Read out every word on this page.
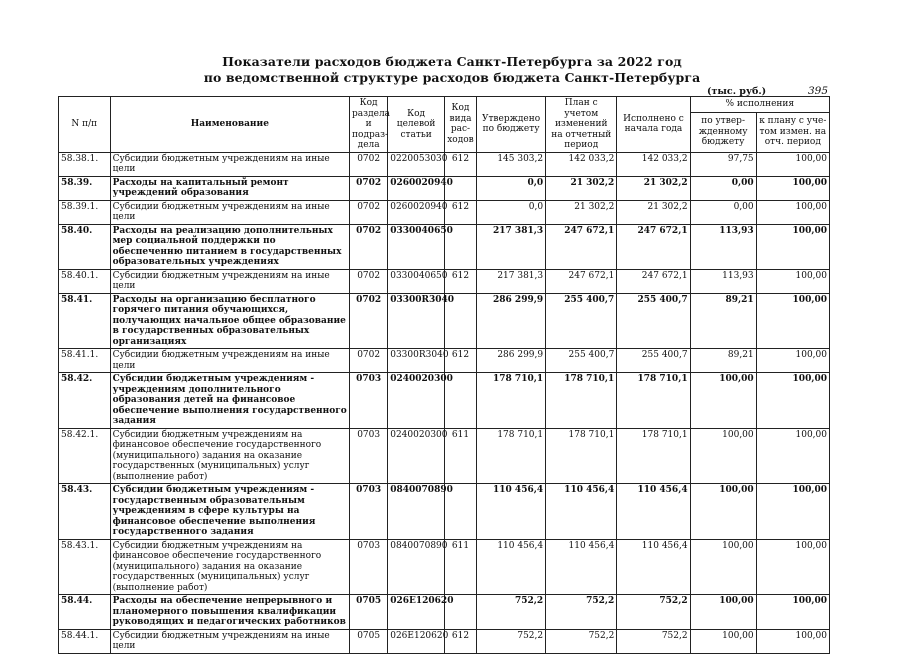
Показатели расходов бюджета Санкт-Петербурга за 2022 год
по ведомственной структуре расходов бюджета Санкт-Петербурга
(тыс. руб.)	395
N п/п	Наименование	Код раздела и подраз-дела	Код целевой статьи	Код вида рас-ходов	Утверждено по бюджету	План с учетом изменений на отчетный период	Исполнено с начала года	% исполнения	
								по утвер-жденному бюджету	к плану с уче-том измен. на отч. период
58.38.1.	Субсидии бюджетным учреждениям на иные цели	0702	0220053030	612	145 303,2	142 033,2	142 033,2	97,75	100,00
58.39.	Расходы на капитальный ремонт учреждений образования	0702	0260020940		0,0	21 302,2	21 302,2	0,00	100,00
58.39.1.	Субсидии бюджетным учреждениям на иные цели	0702	0260020940	612	0,0	21 302,2	21 302,2	0,00	100,00
58.40.	Расходы на реализацию дополнительных мер социальной поддержки по обеспеченню питанием в государственных образовательных учреждениях	0702	0330040650		217 381,3	247 672,1	247 672,1	113,93	100,00
58.40.1.	Субсидии бюджетным учреждениям на иные цели	0702	0330040650	612	217 381,3	247 672,1	247 672,1	113,93	100,00
58.41.	Расходы на организацию бесплатного горячего питания обучающихся, получающих начальное общее образование в государственных образовательных организациях	0702	03300R3040		286 299,9	255 400,7	255 400,7	89,21	100,00
58.41.1.	Субсидии бюджетным учреждениям на иные цели	0702	03300R3040	612	286 299,9	255 400,7	255 400,7	89,21	100,00
58.42.	Субсидии бюджетным учреждениям - учреждениям дополнительного образования детей на финансовое обеспечение выполнения государственного задания	0703	0240020300		178 710,1	178 710,1	178 710,1	100,00	100,00
58.42.1.	Субсидии бюджетным учреждениям на финансовое обеспечение государственного (муниципального) задания на оказание государственных (муниципальных) услуг (выполнение работ)	0703	0240020300	611	178 710,1	178 710,1	178 710,1	100,00	100,00
58.43.	Субсидии бюджетным учреждениям - государственным образовательным учреждениям в сфере культуры на финансовое обеспечение выполнения государственного задания	0703	0840070890		110 456,4	110 456,4	110 456,4	100,00	100,00
58.43.1.	Субсидии бюджетным учреждениям на финансовое обеспечение государственного (муниципального) задания на оказание государственных (муниципальных) услуг (выполнение работ)	0703	0840070890	611	110 456,4	110 456,4	110 456,4	100,00	100,00
58.44.	Расходы на обеспечение непрерывного и планомерного повышения квалификации руководящих и педагогических работников	0705	026Е120620		752,2	752,2	752,2	100,00	100,00
58.44.1.	Субсидии бюджетным учреждениям на иные цели	0705	026Е120620	612	752,2	752,2	752,2	100,00	100,00
